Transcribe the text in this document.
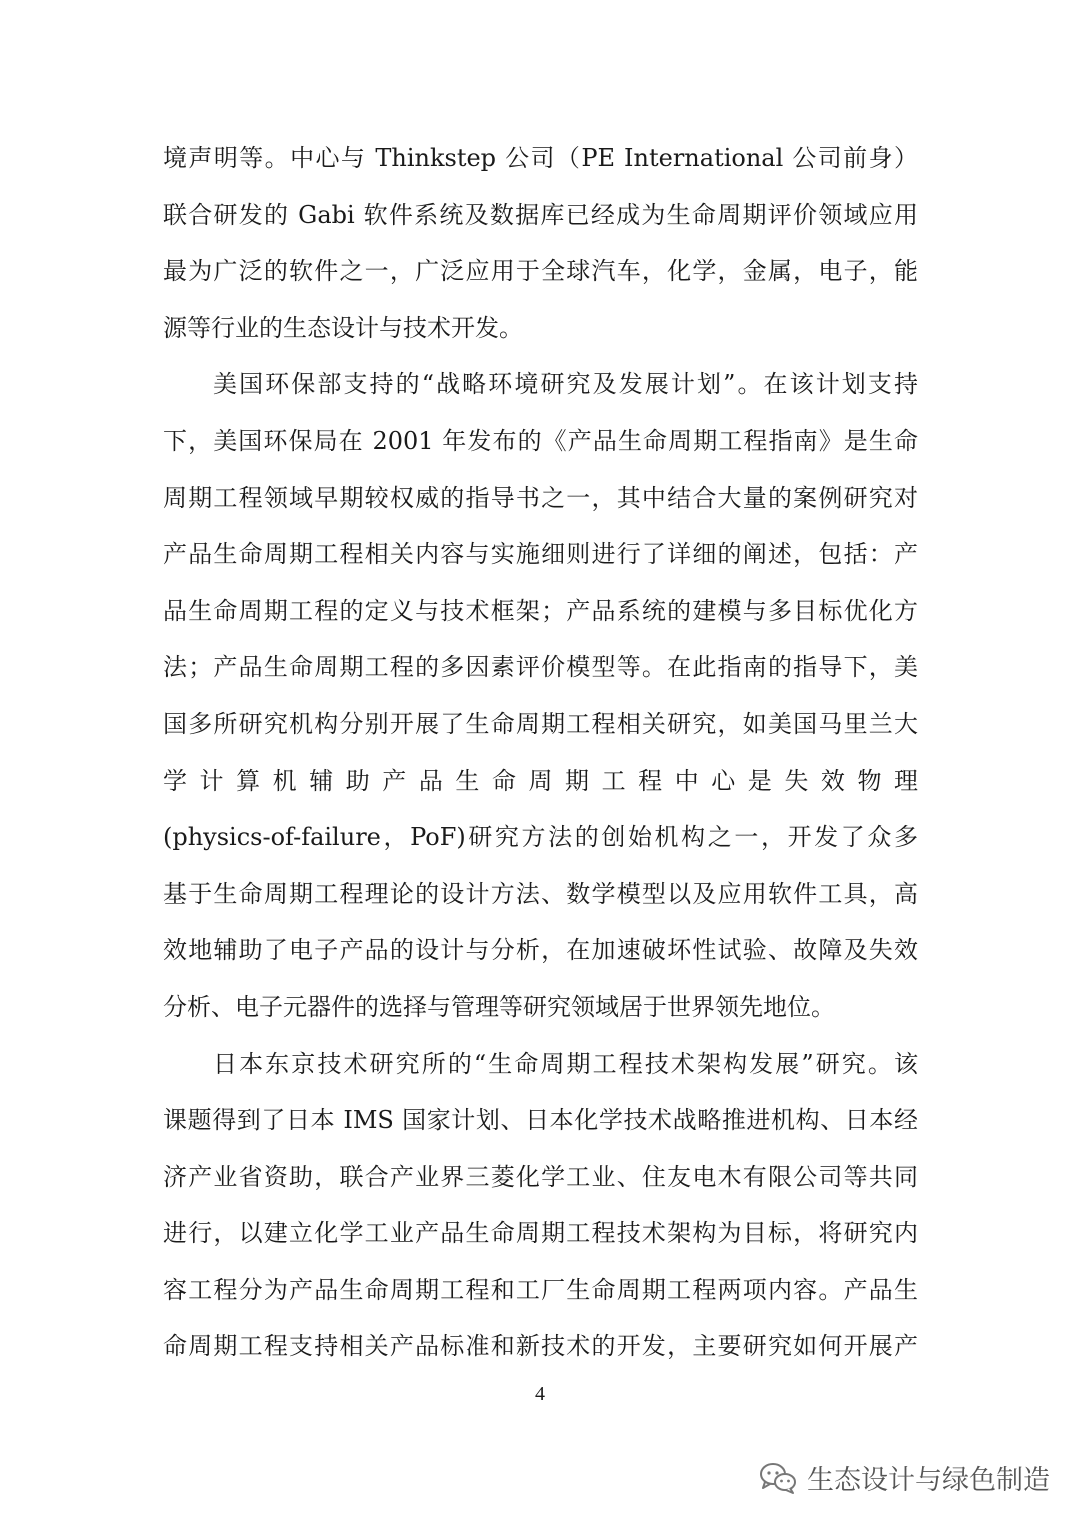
境声明等。中心与 Thinkstep 公司（PE International 公司前身）
联合研发的 Gabi 软件系统及数据库已经成为生命周期评价领域应用
最为广泛的软件之一，广泛应用于全球汽车，化学，金属，电子，能
源等行业的生态设计与技术开发。
美国环保部支持的“战略环境研究及发展计划”。在该计划支持
下，美国环保局在 2001 年发布的《产品生命周期工程指南》是生命
周期工程领域早期较权威的指导书之一，其中结合大量的案例研究对
产品生命周期工程相关内容与实施细则进行了详细的阐述，包括：产
品生命周期工程的定义与技术框架；产品系统的建模与多目标优化方
法；产品生命周期工程的多因素评价模型等。在此指南的指导下，美
国多所研究机构分别开展了生命周期工程相关研究，如美国马里兰大
学计算机辅助产品生命周期工程中心是失效物理
(physics-of-failure，PoF)研究方法的创始机构之一，开发了众多
基于生命周期工程理论的设计方法、数学模型以及应用软件工具，高
效地辅助了电子产品的设计与分析，在加速破坏性试验、故障及失效
分析、电子元器件的选择与管理等研究领域居于世界领先地位。
日本东京技术研究所的“生命周期工程技术架构发展”研究。该
课题得到了日本 IMS 国家计划、日本化学技术战略推进机构、日本经
济产业省资助，联合产业界三菱化学工业、住友电木有限公司等共同
进行，以建立化学工业产品生命周期工程技术架构为目标，将研究内
容工程分为产品生命周期工程和工厂生命周期工程两项内容。产品生
命周期工程支持相关产品标准和新技术的开发，主要研究如何开展产
4
生态设计与绿色制造
